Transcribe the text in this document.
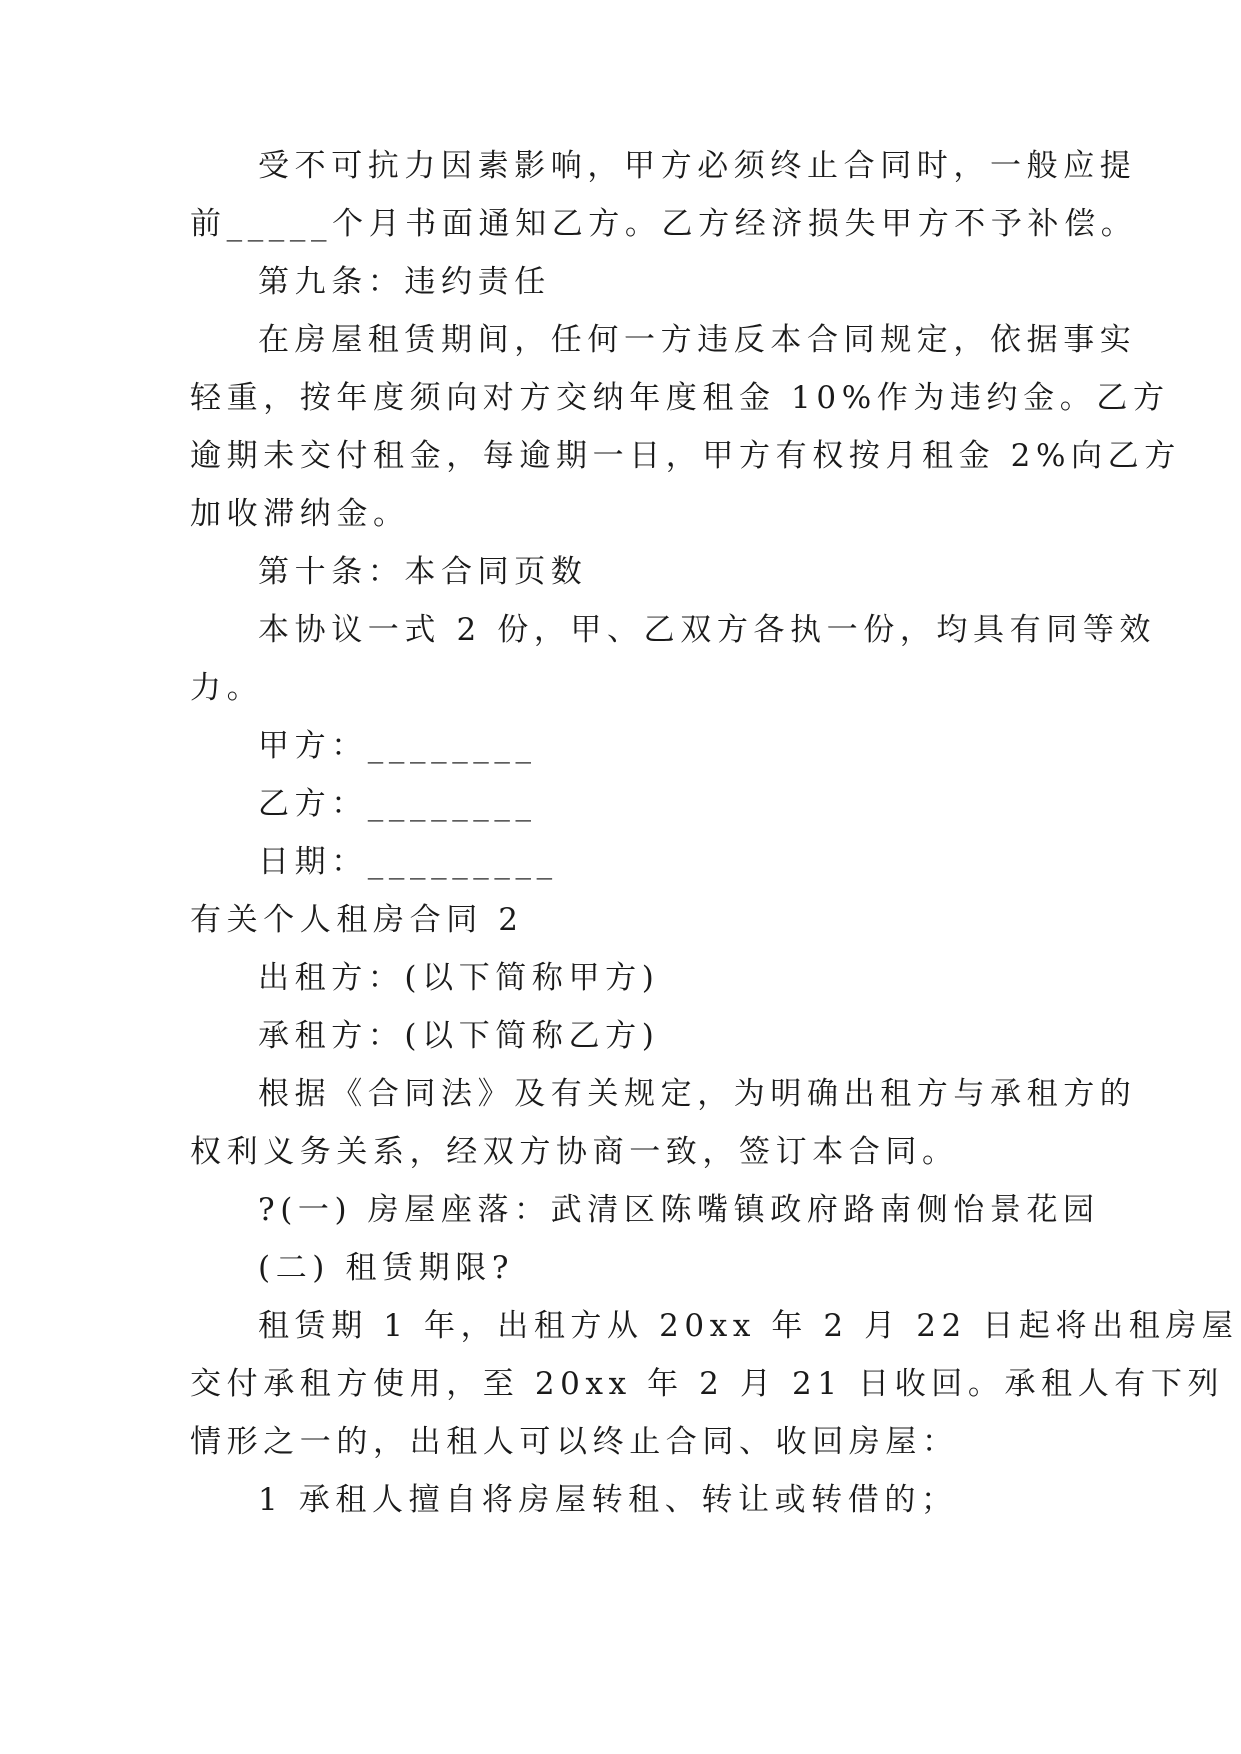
受不可抗力因素影响，甲方必须终止合同时，一般应提
前_____个月书面通知乙方。乙方经济损失甲方不予补偿。
第九条：违约责任
在房屋租赁期间，任何一方违反本合同规定，依据事实
轻重，按年度须向对方交纳年度租金 10%作为违约金。乙方
逾期未交付租金，每逾期一日，甲方有权按月租金 2%向乙方
加收滞纳金。
第十条：本合同页数
本协议一式 2 份，甲、乙双方各执一份，均具有同等效
力。
甲方：________
乙方：________
日期：_________
有关个人租房合同 2
出租方：(以下简称甲方)
承租方：(以下简称乙方)
根据《合同法》及有关规定，为明确出租方与承租方的
权利义务关系，经双方协商一致，签订本合同。
?(一) 房屋座落：武清区陈嘴镇政府路南侧怡景花园
(二) 租赁期限?
租赁期 1 年，出租方从 20xx 年 2 月 22 日起将出租房屋
交付承租方使用，至 20xx 年 2 月 21 日收回。承租人有下列
情形之一的，出租人可以终止合同、收回房屋：
1 承租人擅自将房屋转租、转让或转借的；
